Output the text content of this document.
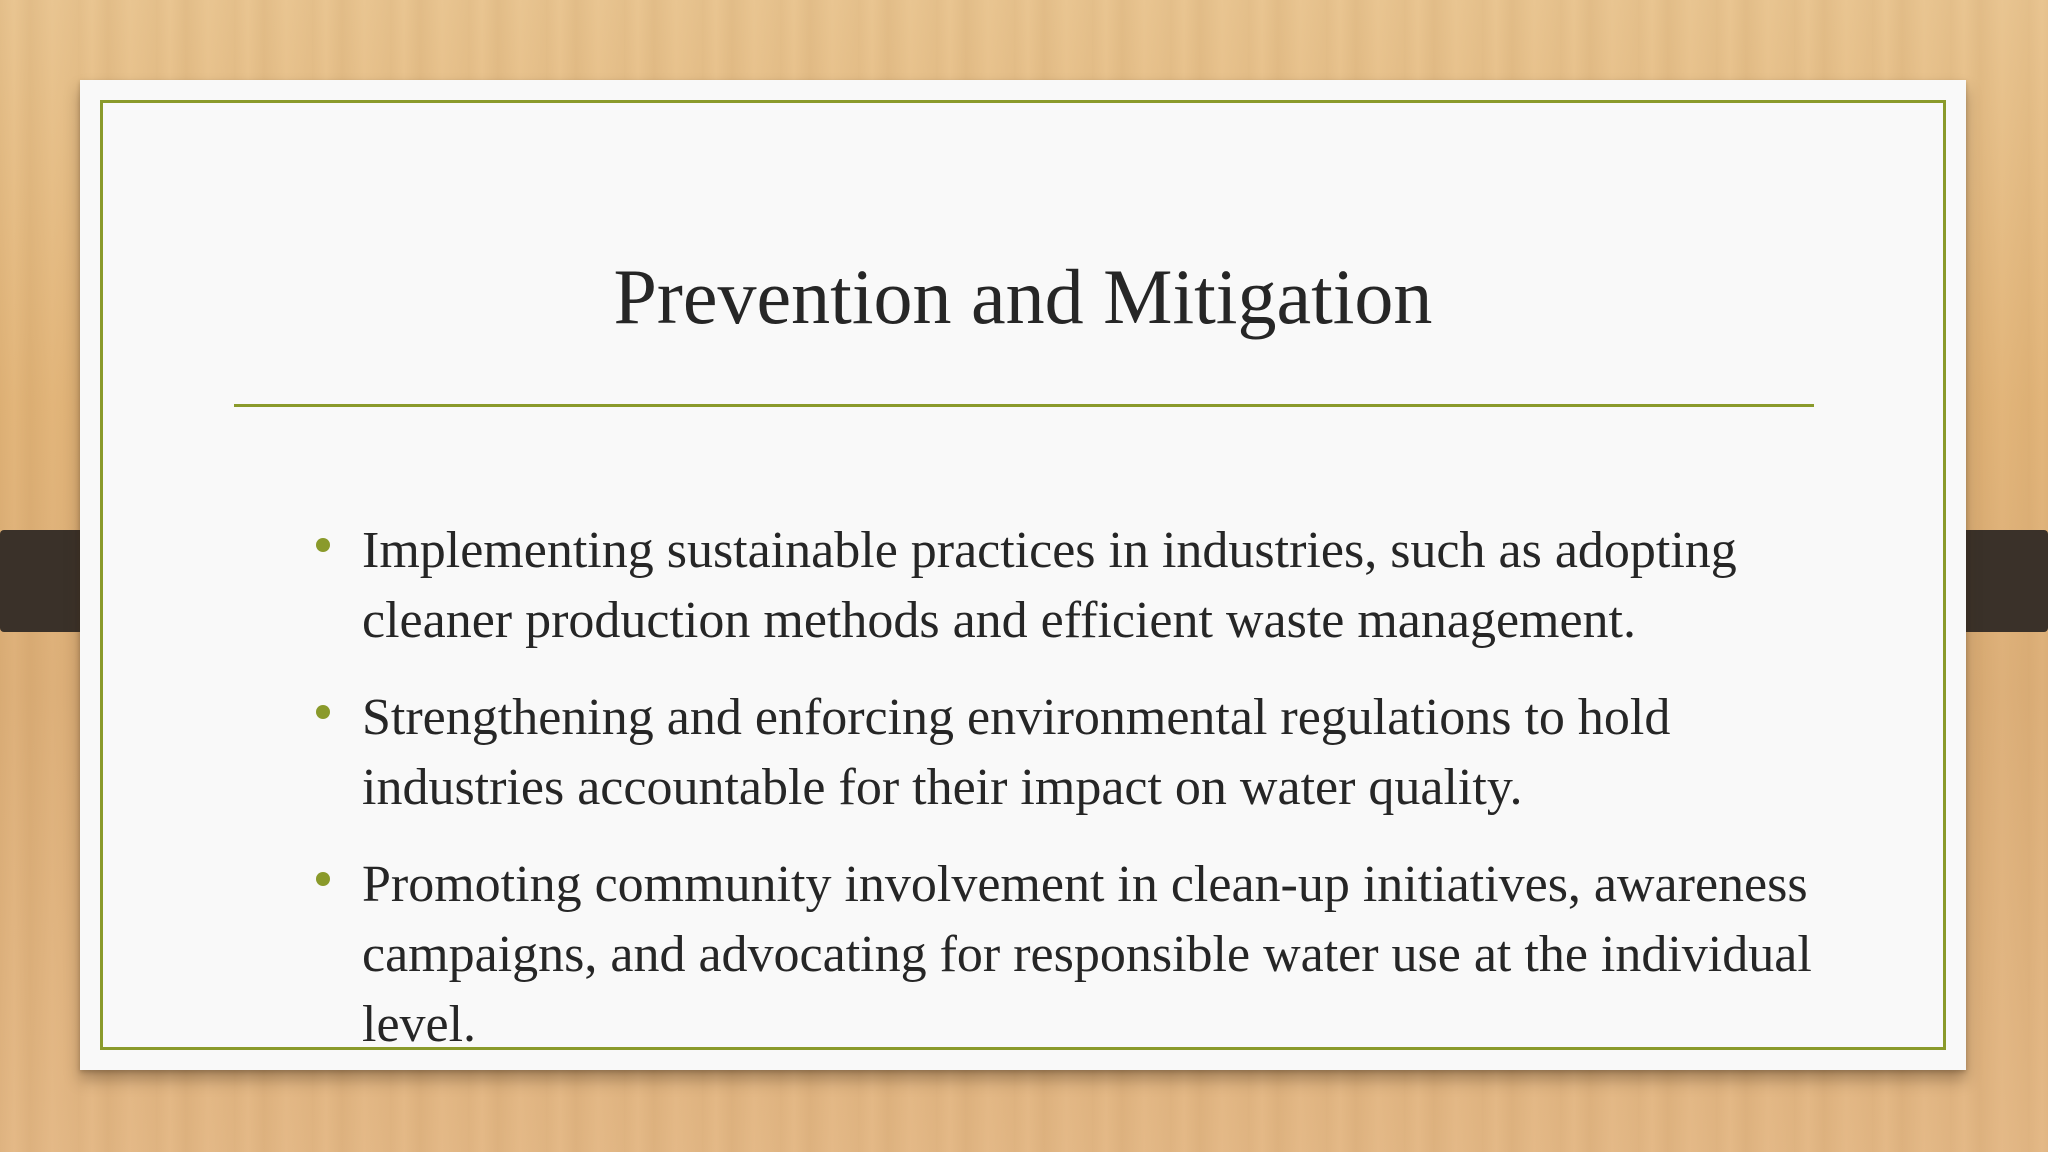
Prevention and Mitigation
Implementing sustainable practices in industries, such as adopting cleaner production methods and efficient waste management.
Strengthening and enforcing environmental regulations to hold industries accountable for their impact on water quality.
Promoting community involvement in clean-up initiatives, awareness campaigns, and advocating for responsible water use at the individual level.
